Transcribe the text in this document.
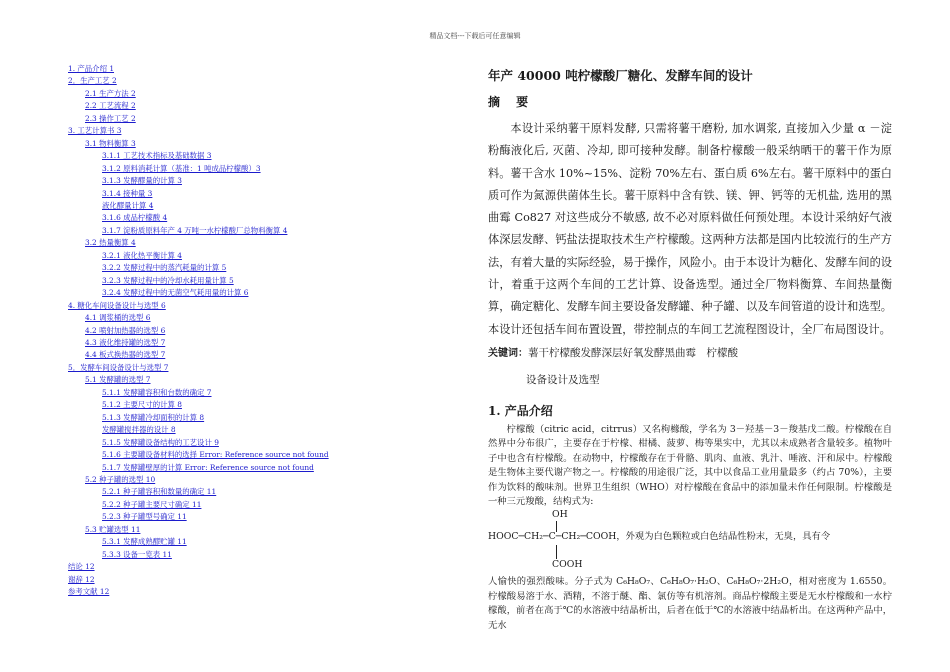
精品文档---下载后可任意编辑
1. 产品介绍 1
2．生产工艺 2
2.1 生产方法 2
2.2 工艺流程 2
2.3 操作工艺 2
3. 工艺计算书 3
3.1 物料衡算 3
3.1.1 工艺技术指标及基础数据 3
3.1.2 原料消耗计算（基准：1 吨成品柠檬酸）3
3.1.3 发酵醪量的计算 3
3.1.4 接种量 3
液化醪量计算 4
3.1.6 成品柠檬酸 4
3.1.7 淀粉质原料年产 4 万吨一水柠檬酸厂总物料衡算 4
3.2 热量衡算 4
3.2.1 液化热平衡计算 4
3.2.2 发酵过程中的蒸汽耗量的计算 5
3.2.3 发酵过程中的冷却水耗用量计算 5
3.2.4 发酵过程中的无菌空气耗用量的计算 6
4. 糖化车间设备设计与选型 6
4.1 调浆桶的选型 6
4.2 喷射加热器的选型 6
4.3 液化维持罐的选型 7
4.4 板式换热器的选型 7
5．发酵车间设备设计与选型 7
5.1 发酵罐的选型 7
5.1.1 发酵罐容积和台数的确定 7
5.1.2 主要尺寸的计算 8
5.1.3 发酵罐冷却面积的计算 8
发酵罐搅拌器的设计 8
5.1.5 发酵罐设备结构的工艺设计 9
5.1.6 主要罐设备材料的选择 Error: Reference source not found
5.1.7 发酵罐壁厚的计算 Error: Reference source not found
5.2 种子罐的选型 10
5.2.1 种子罐容积和数量的确定 11
5.2.2 种子罐主要尺寸确定 11
5.2.3 种子罐型号确定 11
5.3 贮罐选型 11
5.3.1 发酵成熟醪贮罐 11
5.3.3 设备一览表 11
结论 12
谢辞 12
参考文献 12
年产 40000 吨柠檬酸厂糖化、发酵车间的设计
摘 要

本设计采纳薯干原料发酵, 只需将薯干磨粉, 加水调浆, 直接加入少量 α －淀粉酶液化后, 灭菌、冷却, 即可接种发酵。制备柠檬酸一般采纳晒干的薯干作为原料。薯干含水 10%~15%、淀粉 70%左右、蛋白质 6%左右。薯干原料中的蛋白质可作为氮源供菌体生长。薯干原料中含有铁、镁、钾、钙等的无机盐, 选用的黑曲霉 Co827 对这些成分不敏感, 故不必对原料做任何预处理。本设计采纳好气液体深层发酵、钙盐法提取技术生产柠檬酸。这两种方法都是国内比较流行的生产方法，有着大量的实际经验，易于操作，风险小。由于本设计为糖化、发酵车间的设计，着重于这两个车间的工艺计算、设备选型。通过全厂物料衡算、车间热量衡算，确定糖化、发酵车间主要设备发酵罐、种子罐、以及车间管道的设计和选型。本设计还包括车间布置设置，带控制点的车间工艺流程图设计，全厂布局图设计。

关键词：薯干柠檬酸发酵深层好氧发酵黑曲霉　柠檬酸

设备设计及选型

1. 产品介绍

柠檬酸（citric acid，citrrus）又名枸橼酸，学名为 3－羟基－3－羧基戊二酸。柠檬酸在自然界中分布很广，主要存在于柠檬、柑橘、菠萝、梅等果实中，尤其以未成熟者含量较多。植物叶子中也含有柠檬酸。在动物中，柠檬酸存在于骨骼、肌肉、血液、乳汁、唾液、汗和尿中。柠檬酸是生物体主要代谢产物之一。柠檬酸的用途很广泛，其中以食品工业用量最多（约占 70%），主要作为饮料的酸味剂。世界卫生组织（WHO）对柠檬酸在食品中的添加量未作任何限制。柠檬酸是一种三元羧酸，结构式为:

OH
HOOC─CH₂─C─CH₂─COOH，外观为白色颗粒或白色结晶性粉末，无臭，具有令
COOH

人愉快的强烈酸味。分子式为 C₆H₈O₇、C₆H₈O₇·H₂O、C₆H₈O₇·2H₂O，相对密度为 1.6550。柠檬酸易溶于水、酒精，不溶于醚、酯、氯仿等有机溶剂。商品柠檬酸主要是无水柠檬酸和一水柠檬酸，前者在高于℃的水溶液中结晶析出，后者在低于℃的水溶液中结晶析出。在这两种产品中，无水
